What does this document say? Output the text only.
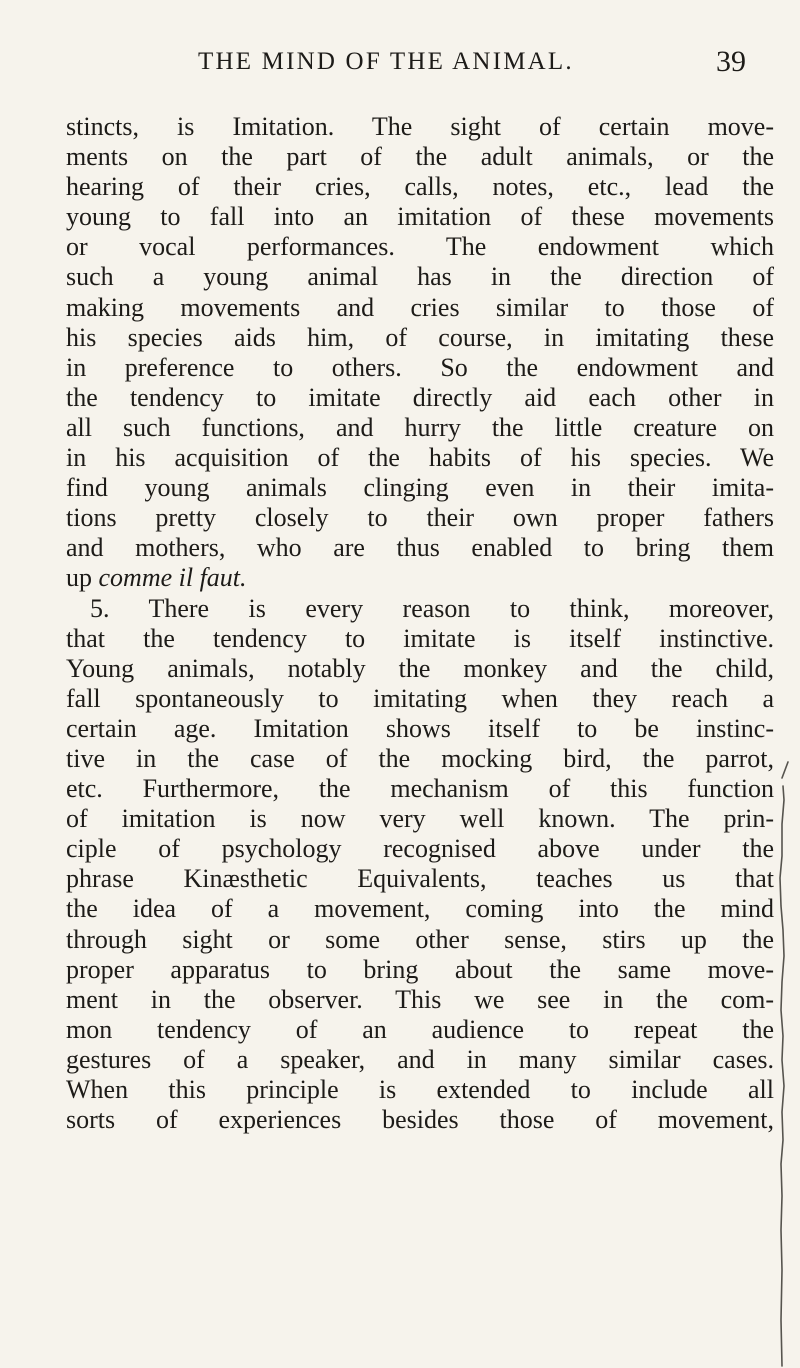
THE MIND OF THE ANIMAL.	39
stincts, is Imitation. The sight of certain move-
ments on the part of the adult animals, or the
hearing of their cries, calls, notes, etc., lead the
young to fall into an imitation of these movements
or vocal performances. The endowment which
such a young animal has in the direction of
making movements and cries similar to those of
his species aids him, of course, in imitating these
in preference to others. So the endowment and
the tendency to imitate directly aid each other in
all such functions, and hurry the little creature on
in his acquisition of the habits of his species. We
find young animals clinging even in their imita-
tions pretty closely to their own proper fathers
and mothers, who are thus enabled to bring them
up comme il faut.
5. There is every reason to think, moreover,
that the tendency to imitate is itself instinctive.
Young animals, notably the monkey and the child,
fall spontaneously to imitating when they reach a
certain age. Imitation shows itself to be instinc-
tive in the case of the mocking bird, the parrot,
etc. Furthermore, the mechanism of this function
of imitation is now very well known. The prin-
ciple of psychology recognised above under the
phrase Kinæsthetic Equivalents, teaches us that
the idea of a movement, coming into the mind
through sight or some other sense, stirs up the
proper apparatus to bring about the same move-
ment in the observer. This we see in the com-
mon tendency of an audience to repeat the
gestures of a speaker, and in many similar cases.
When this principle is extended to include all
sorts of experiences besides those of movement,
